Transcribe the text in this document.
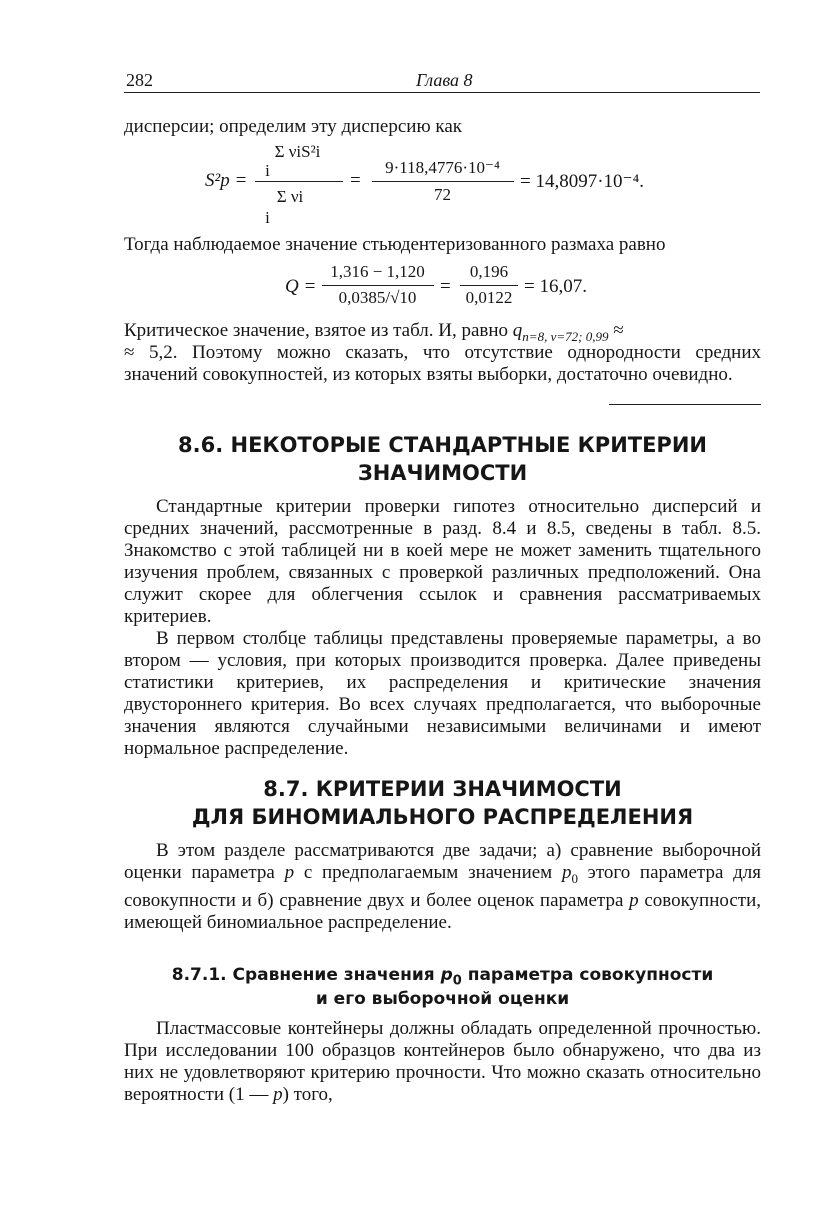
282	Глава 8
дисперсии; определим эту дисперсию как
S²p =
Σ νiS²i
i
Σ νi
i
=
9·118,4776·10⁻⁴
72
= 14,8097·10⁻⁴.
Тогда наблюдаемое значение стьюдентеризованного размаха равно
Q =
1,316 − 1,120
0,0385/√10
=
0,196
0,0122
= 16,07.
Критическое значение, взятое из табл. И, равно $q_{n=8, \nu=72; 0,99}$ ≈

≈ 5,2. Поэтому можно сказать, что отсутствие однородности средних значений совокупностей, из которых взяты выборки, достаточно очевидно.

8.6. НЕКОТОРЫЕ СТАНДАРТНЫЕ КРИТЕРИИ
ЗНАЧИМОСТИ

Стандартные критерии проверки гипотез относительно дисперсий и средних значений, рассмотренные в разд. 8.4 и 8.5, сведены в табл. 8.5. Знакомство с этой таблицей ни в коей мере не может заменить тщательного изучения проблем, связанных с проверкой различных предположений. Она служит скорее для облегчения ссылок и сравнения рассматриваемых критериев.

В первом столбце таблицы представлены проверяемые параметры, а во втором — условия, при которых производится проверка. Далее приведены статистики критериев, их распределения и критические значения двустороннего критерия. Во всех случаях предполагается, что выборочные значения являются случайными независимыми величинами и имеют нормальное распределение.

8.7. КРИТЕРИИ ЗНАЧИМОСТИ
ДЛЯ БИНОМИАЛЬНОГО РАСПРЕДЕЛЕНИЯ

В этом разделе рассматриваются две задачи; а) сравнение выборочной оценки параметра p с предполагаемым значением $p_0$ этого параметра для совокупности и б) сравнение двух и более оценок параметра p совокупности, имеющей биномиальное распределение.

8.7.1. Сравнение значения $p_0$ параметра совокупности
и его выборочной оценки

Пластмассовые контейнеры должны обладать определенной прочностью. При исследовании 100 образцов контейнеров было обнаружено, что два из них не удовлетворяют критерию прочности. Что можно сказать относительно вероятности (1 — p) того,
